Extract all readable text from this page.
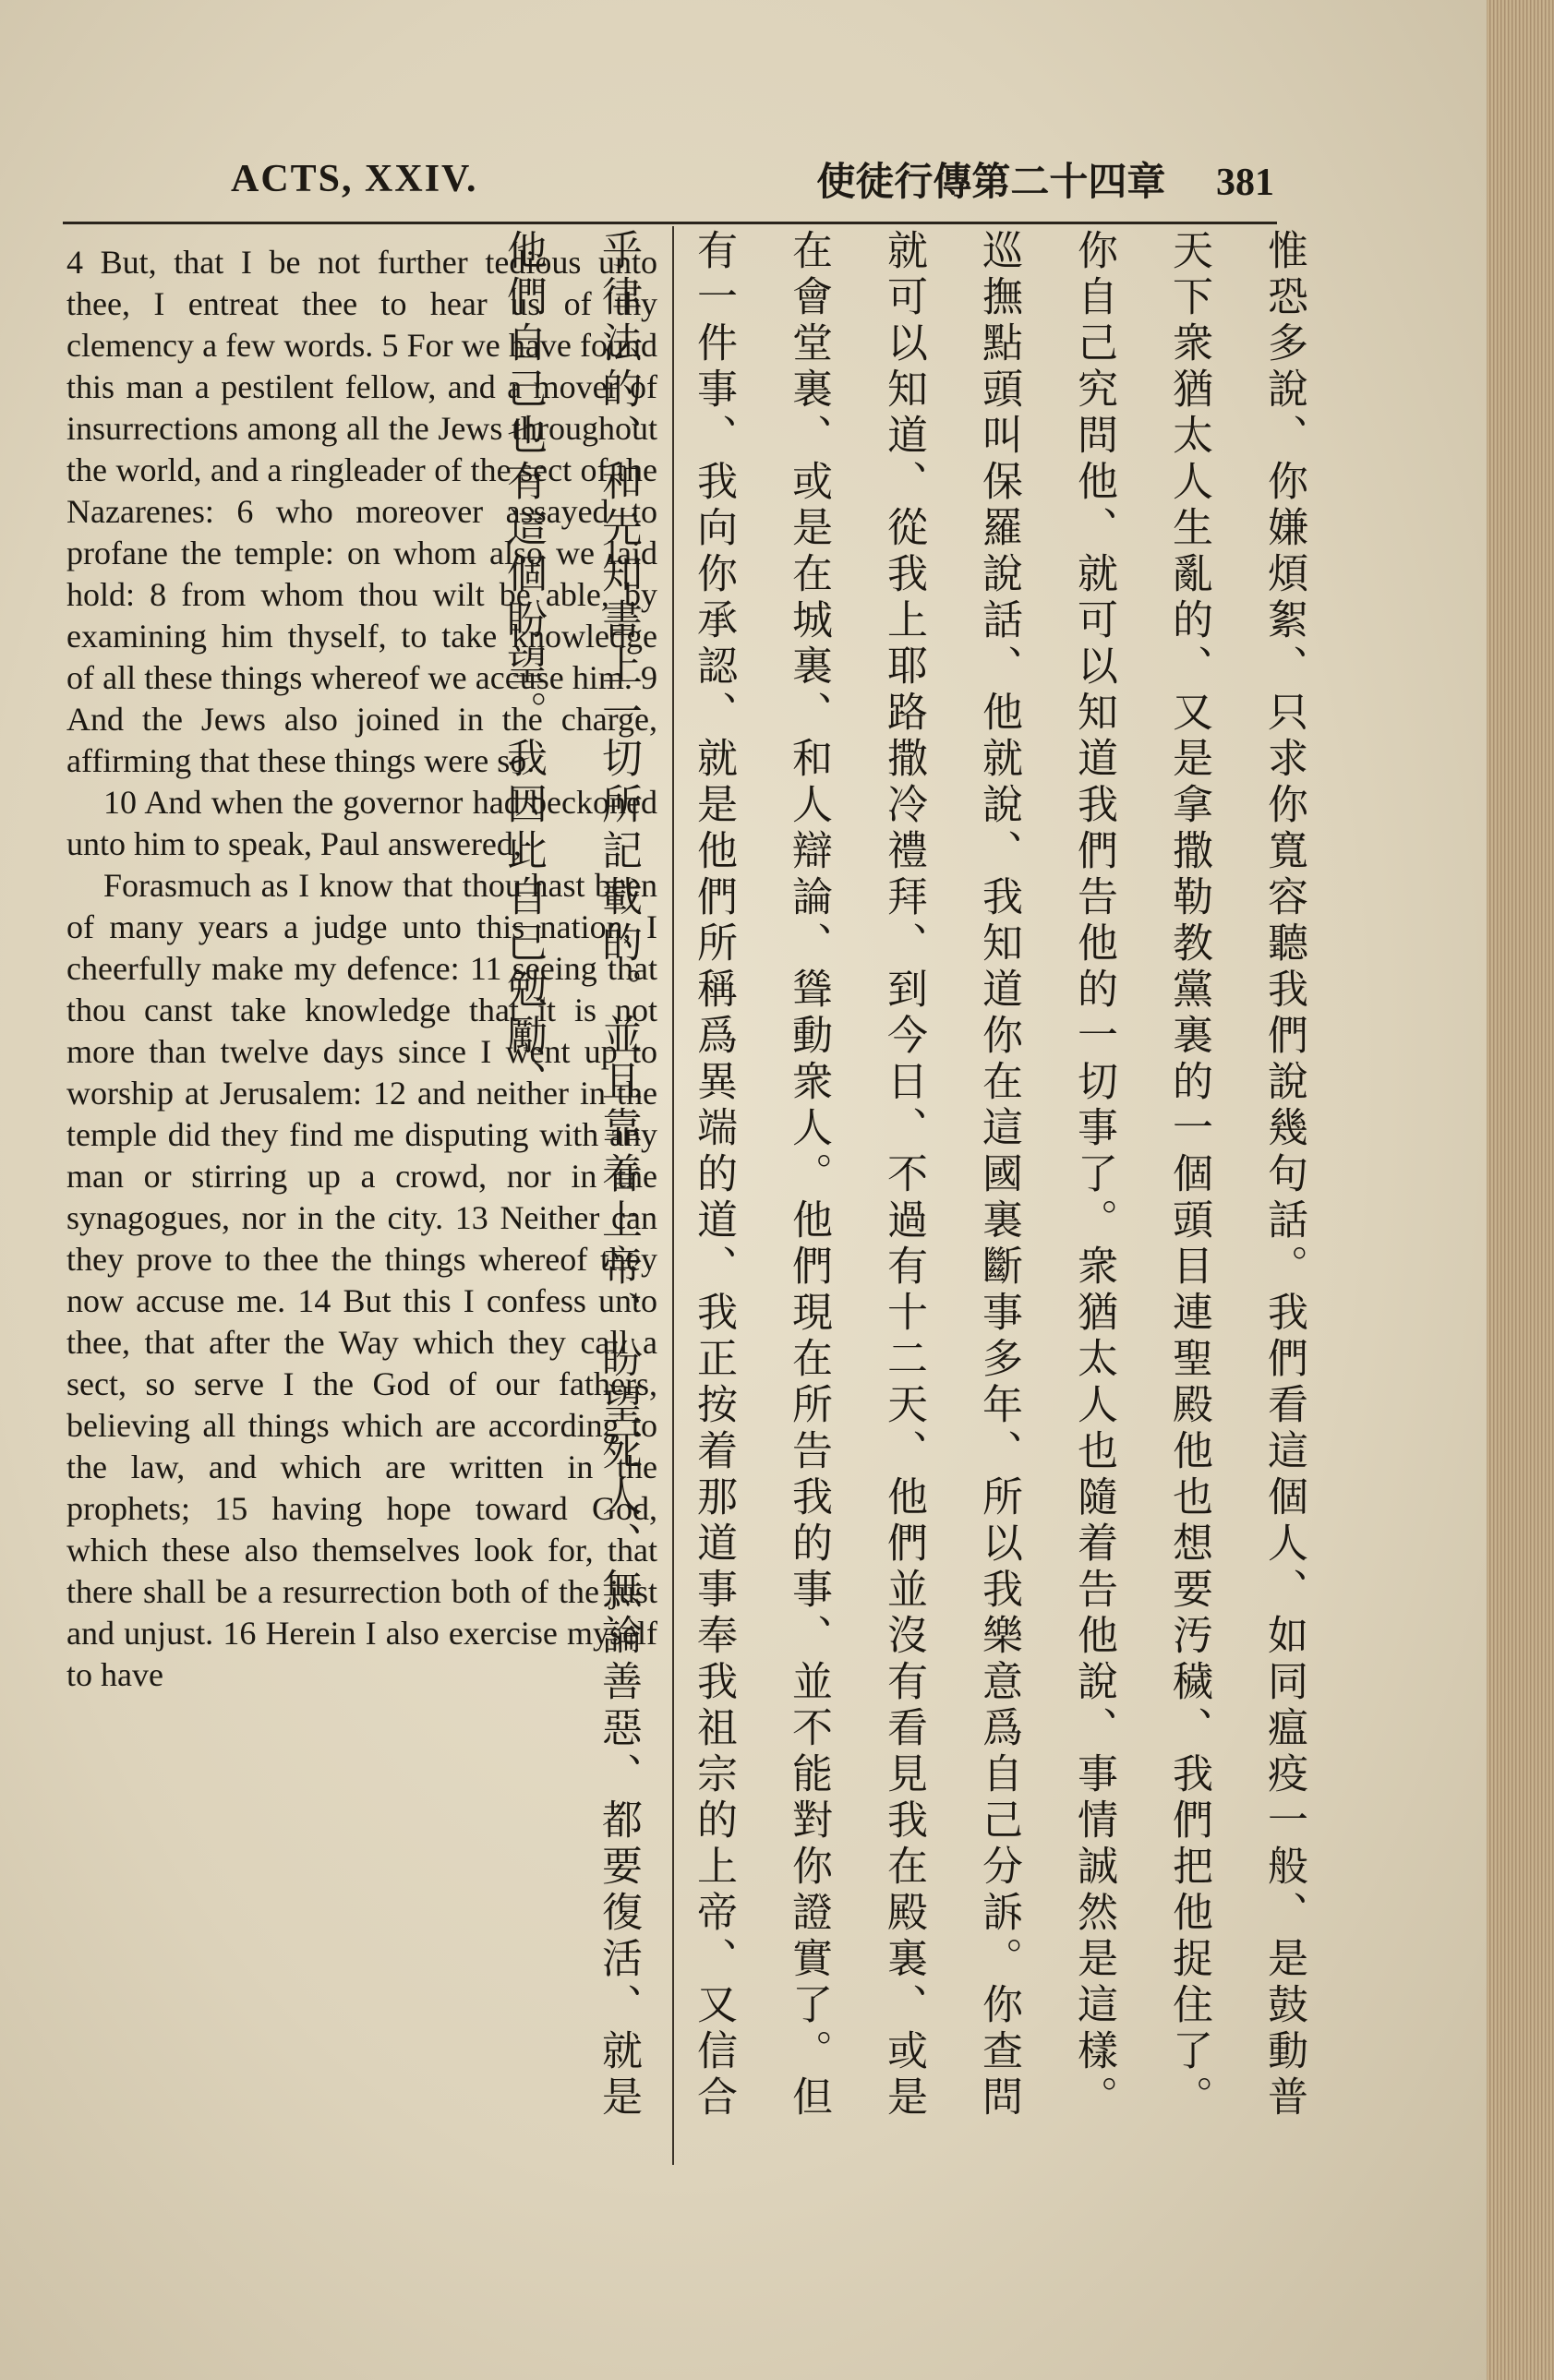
ACTS, XXIV.	使徒行傳第二十四章 381

4 But, that I be not further tedious unto thee, I entreat thee to hear us of thy clemency a few words. 5 For we have found this man a pestilent fellow, and a mover of insurrections among all the Jews throughout the world, and a ringleader of the sect of the Nazarenes: 6 who moreover assayed to profane the temple: on whom also we laid hold: 8 from whom thou wilt be able, by examining him thyself, to take knowledge of all these things whereof we accuse him. 9 And the Jews also joined in the charge, affirming that these things were so.

10 And when the governor had beckoned unto him to speak, Paul answered,

Forasmuch as I know that thou hast been of many years a judge unto this nation, I cheerfully make my defence: 11 seeing that thou canst take knowledge that it is not more than twelve days since I went up to worship at Jerusalem: 12 and neither in the temple did they find me disputing with any man or stirring up a crowd, nor in the synagogues, nor in the city. 13 Neither can they prove to thee the things whereof they now accuse me. 14 But this I confess unto thee, that after the Way which they call a sect, so serve I the God of our fathers, believing all things which are according to the law, and which are written in the prophets; 15 having hope toward God, which these also themselves look for, that there shall be a resurrection both of the just and unjust. 16 Herein I also exercise myself to have	惟恐多說、你嫌煩絮、只求你寬容聽我們說幾句話。我們看這個人、如同瘟疫一般、是鼓動普天下衆猶太人生亂的、又是拿撒勒教黨裏的一個頭目連聖殿他也想要汚穢、我們把他捉住了。你自己究問他、就可以知道我們告他的一切事了。衆猶太人也隨着告他說、事情誠然是這樣。巡撫點頭叫保羅說話、他就說、我知道你在這國裏斷事多年、所以我樂意爲自己分訴。你查問就可以知道、從我上耶路撒冷禮拜、到今日、不過有十二天、他們並沒有看見我在殿裏、或是在會堂裏、或是在城裏、和人辯論、聳動衆人。他們現在所告我的事、並不能對你證實了。但有一件事、我向你承認、就是他們所稱爲異端的道、我正按着那道事奉我祖宗的上帝、又信合乎律法的、和先知書上一切所記載的。並且靠着上帝、盼望死人、無論善惡、都要復活、就是他們自己也有這個盼望。我因此自己勉勵、
